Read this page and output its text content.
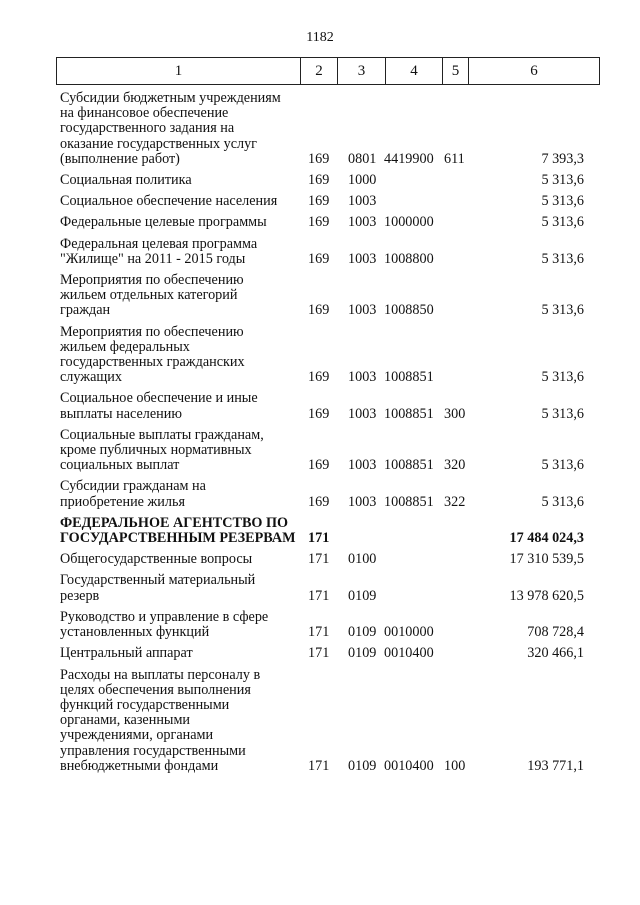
1182
1	2	3	4	5	6
Субсидии бюджетным учреждениям
на финансовое обеспечение
государственного задания на
оказание государственных услуг
(выполнение работ)	169 0801 4419900 611	7 393,3
Социальная политика	169 1000	5 313,6
Социальное обеспечение населения	169 1003	5 313,6
Федеральные целевые программы	169 1003 1000000	5 313,6
Федеральная целевая программа
"Жилище" на 2011 - 2015 годы	169 1003 1008800	5 313,6
Мероприятия по обеспечению
жильем отдельных категорий
граждан	169 1003 1008850	5 313,6
Мероприятия по обеспечению
жильем федеральных
государственных гражданских
служащих	169 1003 1008851	5 313,6
Социальное обеспечение и иные
выплаты населению	169 1003 1008851 300	5 313,6
Социальные выплаты гражданам,
кроме публичных нормативных
социальных выплат	169 1003 1008851 320	5 313,6
Субсидии гражданам на
приобретение жилья	169 1003 1008851 322	5 313,6
ФЕДЕРАЛЬНОЕ АГЕНТСТВО ПО
ГОСУДАРСТВЕННЫМ РЕЗЕРВАМ 171	17 484 024,3
Общегосударственные вопросы	171 0100	17 310 539,5
Государственный материальный
резерв	171 0109	13 978 620,5
Руководство и управление в сфере
установленных функций	171 0109 0010000	708 728,4
Центральный аппарат	171 0109 0010400	320 466,1
Расходы на выплаты персоналу в
целях обеспечения выполнения
функций государственными
органами, казенными
учреждениями, органами
управления государственными
внебюджетными фондами	171 0109 0010400 100	193 771,1
